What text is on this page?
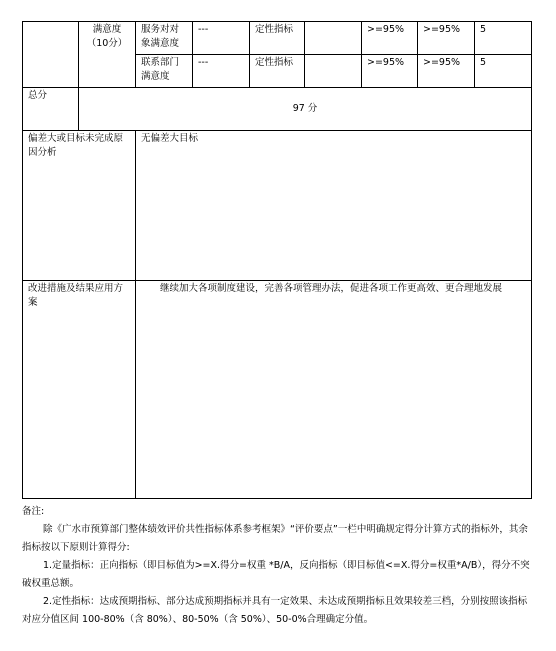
	满意度（10分）	服务对对象满意度	---	定性指标		>=95%	>=95%	5
		联系部门满意度	---	定性指标		>=95%	>=95%	5
总分	97 分							
偏差大或目标未完成原因分析		无偏差大目标						
改进措施及结果应用方案		继续加大各项制度建设，完善各项管理办法，促进各项工作更高效、更合理地发展						

备注:

除《广水市预算部门整体绩效评价共性指标体系参考框架》“评价要点”一栏中明确规定得分计算方式的指标外，其余指标按以下原则计算得分:

1.定量指标：正向指标（即目标值为>=X.得分=权重 *B/A，反向指标（即目标值<=X.得分=权重*A/B），得分不突破权重总额。

2.定性指标：达成预期指标、部分达成预期指标并具有一定效果、未达成预期指标且效果较差三档，分别按照该指标对应分值区间 100-80%（含 80%）、80-50%（含 50%）、50-0%合理确定分值。
